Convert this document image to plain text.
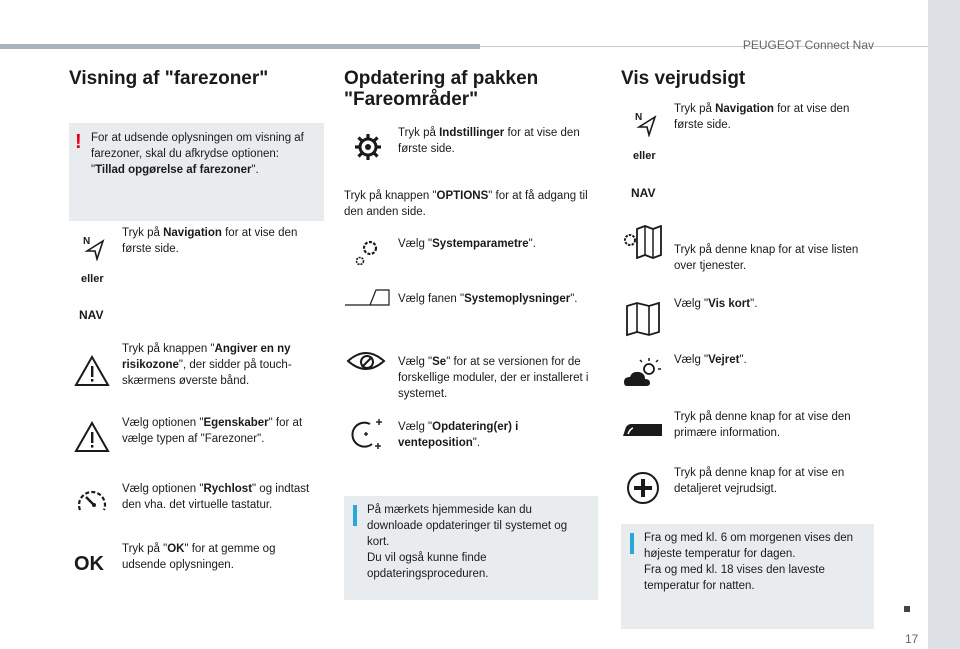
PEUGEOT Connect Nav
Visning af "farezoner"
! For at udsende oplysningen om visning af farezoner, skal du afkrydse optionen: "Tillad opgørelse af farezoner".
N
eller
NAV
Tryk på Navigation for at vise den første side.
Tryk på knappen "Angiver en ny risikozone", der sidder på touch-skærmens øverste bånd.
Vælg optionen "Egenskaber" for at vælge typen af "Farezoner".
Vælg optionen "Rychlost" og indtast den vha. det virtuelle tastatur.
OK
Tryk på "OK" for at gemme og udsende oplysningen.
Opdatering af pakken
"Fareområder"
Tryk på Indstillinger for at vise den første side.
Tryk på knappen "OPTIONS" for at få adgang til den anden side.
Vælg "Systemparametre".
Vælg fanen "Systemoplysninger".
Vælg "Se" for at se versionen for de forskellige moduler, der er installeret i systemet.
Vælg "Opdatering(er) i venteposition".
På mærkets hjemmeside kan du downloade opdateringer til systemet og kort.
Du vil også kunne finde opdateringsproceduren.
Vis vejrudsigt
N
eller
NAV
Tryk på Navigation for at vise den første side.
Tryk på denne knap for at vise listen over tjenester.
Vælg "Vis kort".
Vælg "Vejret".
Tryk på denne knap for at vise den primære information.
Tryk på denne knap for at vise en detaljeret vejrudsigt.
Fra og med kl. 6 om morgenen vises den højeste temperatur for dagen.
Fra og med kl. 18 vises den laveste temperatur for natten.
17
